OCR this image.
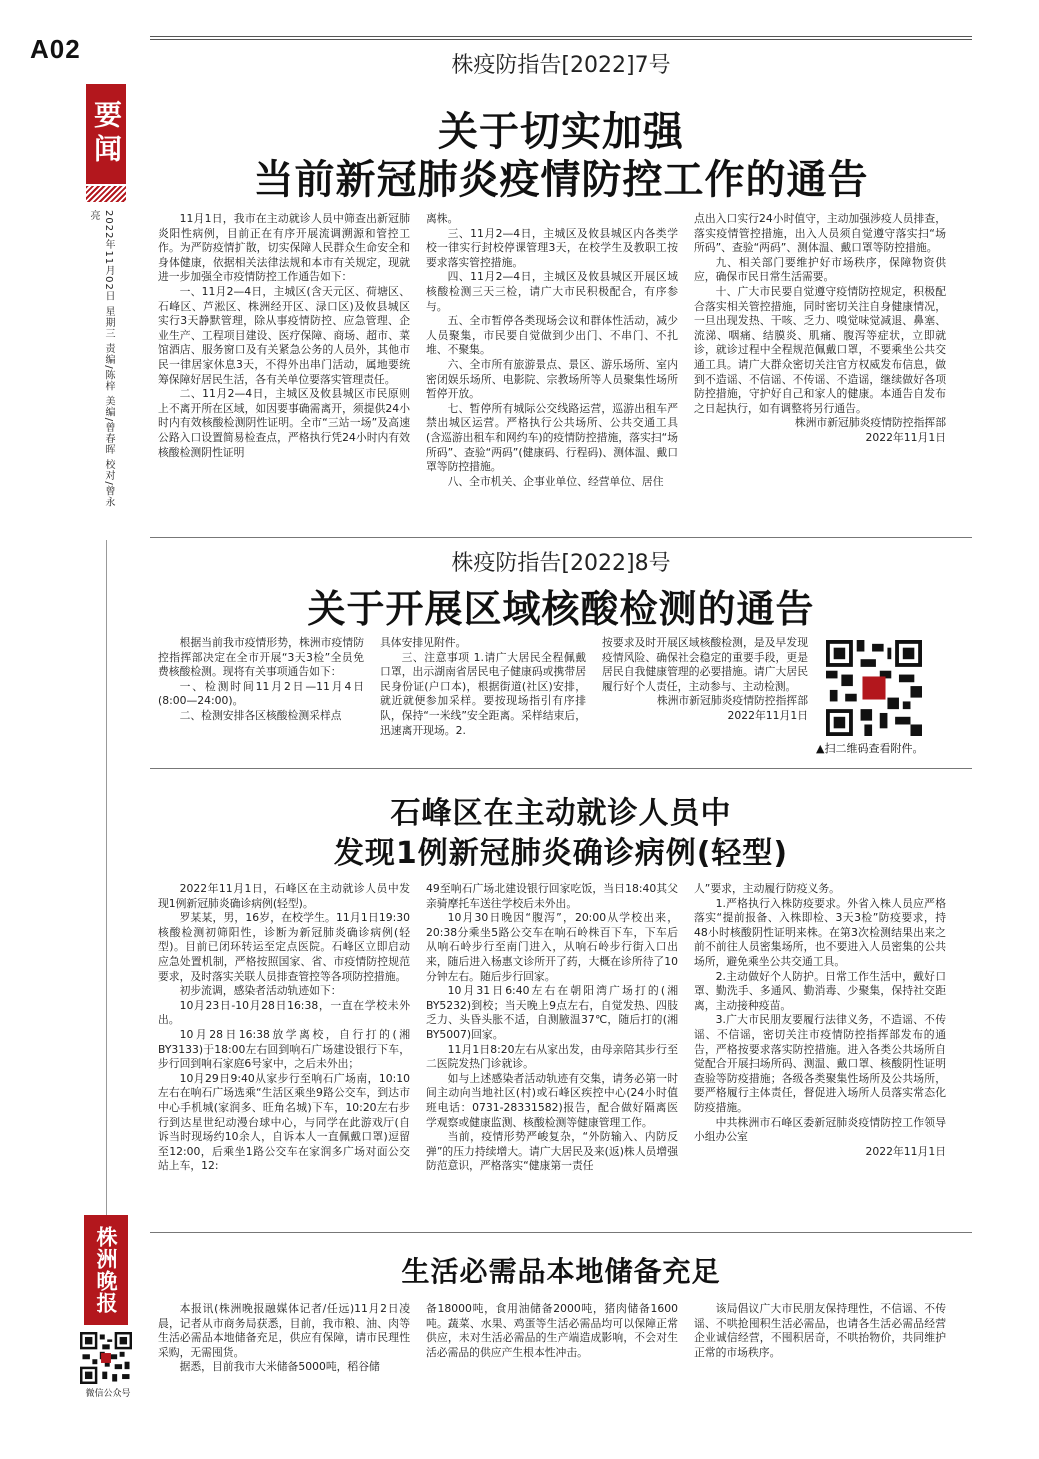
A02
要闻
2022年11月02日 星期三 责编/陈梓 美编/曾春晖 校对/曾永亮
株洲晚报
微信公众号
株疫防指告[2022]7号
关于切实加强
当前新冠肺炎疫情防控工作的通告

11月1日，我市在主动就诊人员中筛查出新冠肺炎阳性病例，目前正在有序开展流调溯源和管控工作。为严防疫情扩散，切实保障人民群众生命安全和身体健康，依据相关法律法规和本市有关规定，现就进一步加强全市疫情防控工作通告如下：

一、11月2—4日，主城区(含天元区、荷塘区、石峰区、芦淞区、株洲经开区、渌口区)及攸县城区实行3天静默管理，除从事疫情防控、应急管理、企业生产、工程项目建设、医疗保障、商场、超市、菜馆酒店、服务窗口及有关紧急公务的人员外，其他市民一律居家休息3天，不得外出串门活动，属地要统筹保障好居民生活，各有关单位要落实管理责任。

二、11月2—4日，主城区及攸县城区市民原则上不离开所在区域，如因要事确需离开，须提供24小时内有效核酸检测阴性证明。全市“三站一场”及高速公路入口设置简易检查点，严格执行凭24小时内有效核酸检测阴性证明

离株。

三、11月2—4日，主城区及攸县城区内各类学校一律实行封校停课管理3天，在校学生及教职工按要求落实管控措施。

四、11月2—4日，主城区及攸县城区开展区域核酸检测三天三检，请广大市民积极配合，有序参与。

五、全市暂停各类现场会议和群体性活动，减少人员聚集，市民要自觉做到少出门、不串门、不扎堆、不聚集。

六、全市所有旅游景点、景区、游乐场所、室内密闭娱乐场所、电影院、宗教场所等人员聚集性场所暂停开放。

七、暂停所有城际公交线路运营，巡游出租车严禁出城区运营。严格执行公共场所、公共交通工具(含巡游出租车和网约车)的疫情防控措施，落实扫“场所码”、查验“两码”(健康码、行程码)、测体温、戴口罩等防控措施。

八、全市机关、企事业单位、经营单位、居住

点出入口实行24小时值守，主动加强涉疫人员排查，落实疫情管控措施，出入人员须自觉遵守落实扫“场所码”、查验“两码”、测体温、戴口罩等防控措施。

九、相关部门要维护好市场秩序，保障物资供应，确保市民日常生活需要。

十、广大市民要自觉遵守疫情防控规定，积极配合落实相关管控措施，同时密切关注自身健康情况，一旦出现发热、干咳、乏力、嗅觉味觉减退、鼻塞、流涕、咽痛、结膜炎、肌痛、腹泻等症状，立即就诊，就诊过程中全程规范佩戴口罩，不要乘坐公共交通工具。请广大群众密切关注官方权威发布信息，做到不造谣、不信谣、不传谣、不造谣，继续做好各项防控措施，守护好自己和家人的健康。本通告自发布之日起执行，如有调整将另行通告。

株洲市新冠肺炎疫情防控指挥部

2022年11月1日

株疫防指告[2022]8号
关于开展区域核酸检测的通告

根据当前我市疫情形势，株洲市疫情防控指挥部决定在全市开展“3天3检”全员免费核酸检测。现将有关事项通告如下：

一、检测时间11月2日—11月4日(8:00—24:00)。

二、检测安排各区核酸检测采样点

具体安排见附件。

三、注意事项 1.请广大居民全程佩戴口罩，出示湖南省居民电子健康码或携带居民身份证(户口本)，根据街道(社区)安排，就近就便参加采样。要按现场指引有序排队，保持“一米线”安全距离。采样结束后，迅速离开现场。2.

按要求及时开展区域核酸检测，是及早发现疫情风险、确保社会稳定的重要手段，更是居民自我健康管理的必要措施。请广大居民履行好个人责任，主动参与、主动检测。

株洲市新冠肺炎疫情防控指挥部

2022年11月1日

▲扫二维码查看附件。
石峰区在主动就诊人员中
发现1例新冠肺炎确诊病例(轻型)

2022年11月1日，石峰区在主动就诊人员中发现1例新冠肺炎确诊病例(轻型)。

罗某某，男，16岁，在校学生。11月1日19:30核酸检测初筛阳性，诊断为新冠肺炎确诊病例(轻型)。目前已闭环转运至定点医院。石峰区立即启动应急处置机制，严格按照国家、省、市疫情防控规范要求，及时落实关联人员排查管控等各项防控措施。

初步流调，感染者活动轨迹如下：

10月23日-10月28日16:38，一直在学校未外出。

10月28日16:38放学离校，自行打的(湘BY3133)于18:00左右回到响石广场建设银行下车，步行回到响石家庭6号家中，之后未外出；

10月29日9:40从家步行至响石广场南，10:10左右在响石广场选乘“生活区乘坐9路公交车，到达市中心手机城(家润多、旺角名城)下车，10:20左右步行到达星世纪动漫台球中心，与同学在此游戏厅(自诉当时现场约10余人，自诉本人一直佩戴口罩)逗留至12:00，后乘坐1路公交车在家润多广场对面公交站上车，12:

49至响石广场北建设银行回家吃饭，当日18:40其父亲骑摩托车送往学校后未外出。

10月30日晚因“腹泻”，20:00从学校出来，20:38分乘坐5路公交车在响石岭株百下车，下车后从响石岭步行至南门进入，从响石岭步行街入口出来，随后进入杨惠文诊所开了药，大概在诊所待了10分钟左右。随后步行回家。

10月31日6:40左右在朝阳湾广场打的(湘BY5232)到校；当天晚上9点左右，自觉发热、四肢乏力、头昏头胀不适，自测腋温37℃，随后打的(湘BY5007)回家。

11月1日8:20左右从家出发，由母亲陪其步行至二医院发热门诊就诊。

如与上述感染者活动轨迹有交集，请务必第一时间主动向当地社区(村)或石峰区疾控中心(24小时值班电话：0731-28331582)报告，配合做好隔离医学观察或健康监测、核酸检测等健康管理工作。

当前，疫情形势严峻复杂，“外防输入、内防反弹”的压力持续增大。请广大居民及来(返)株人员增强防范意识，严格落实“健康第一责任

人”要求，主动履行防疫义务。

1.严格执行入株防疫要求。外省入株人员应严格落实“提前报备、入株即检、3天3检”防疫要求，持48小时核酸阴性证明来株。在第3次检测结果出来之前不前往人员密集场所，也不要进入人员密集的公共场所，避免乘坐公共交通工具。

2.主动做好个人防护。日常工作生活中，戴好口罩、勤洗手、多通风、勤消毒、少聚集，保持社交距离，主动接种疫苗。

3.广大市民朋友要履行法律义务，不造谣、不传谣、不信谣，密切关注市疫情防控指挥部发布的通告，严格按要求落实防控措施。进入各类公共场所自觉配合开展扫场所码、测温、戴口罩、核酸阴性证明查验等防疫措施；各级各类聚集性场所及公共场所，要严格履行主体责任，督促进入场所人员落实常态化防疫措施。

中共株洲市石峰区委新冠肺炎疫情防控工作领导小组办公室

2022年11月1日

生活必需品本地储备充足

本报讯(株洲晚报融媒体记者/任远)11月2日凌晨，记者从市商务局获悉，目前，我市粮、油、肉等生活必需品本地储备充足，供应有保障，请市民理性采购，无需囤货。

据悉，目前我市大米储备5000吨，稻谷储

备18000吨，食用油储备2000吨，猪肉储备1600吨。蔬菜、水果、鸡蛋等生活必需品均可以保障正常供应，未对生活必需品的生产端造成影响，不会对生活必需品的供应产生根本性冲击。

该局倡议广大市民朋友保持理性，不信谣、不传谣、不哄抢囤积生活必需品，也请各生活必需品经营企业诚信经营，不囤积居奇，不哄抬物价，共同维护正常的市场秩序。
